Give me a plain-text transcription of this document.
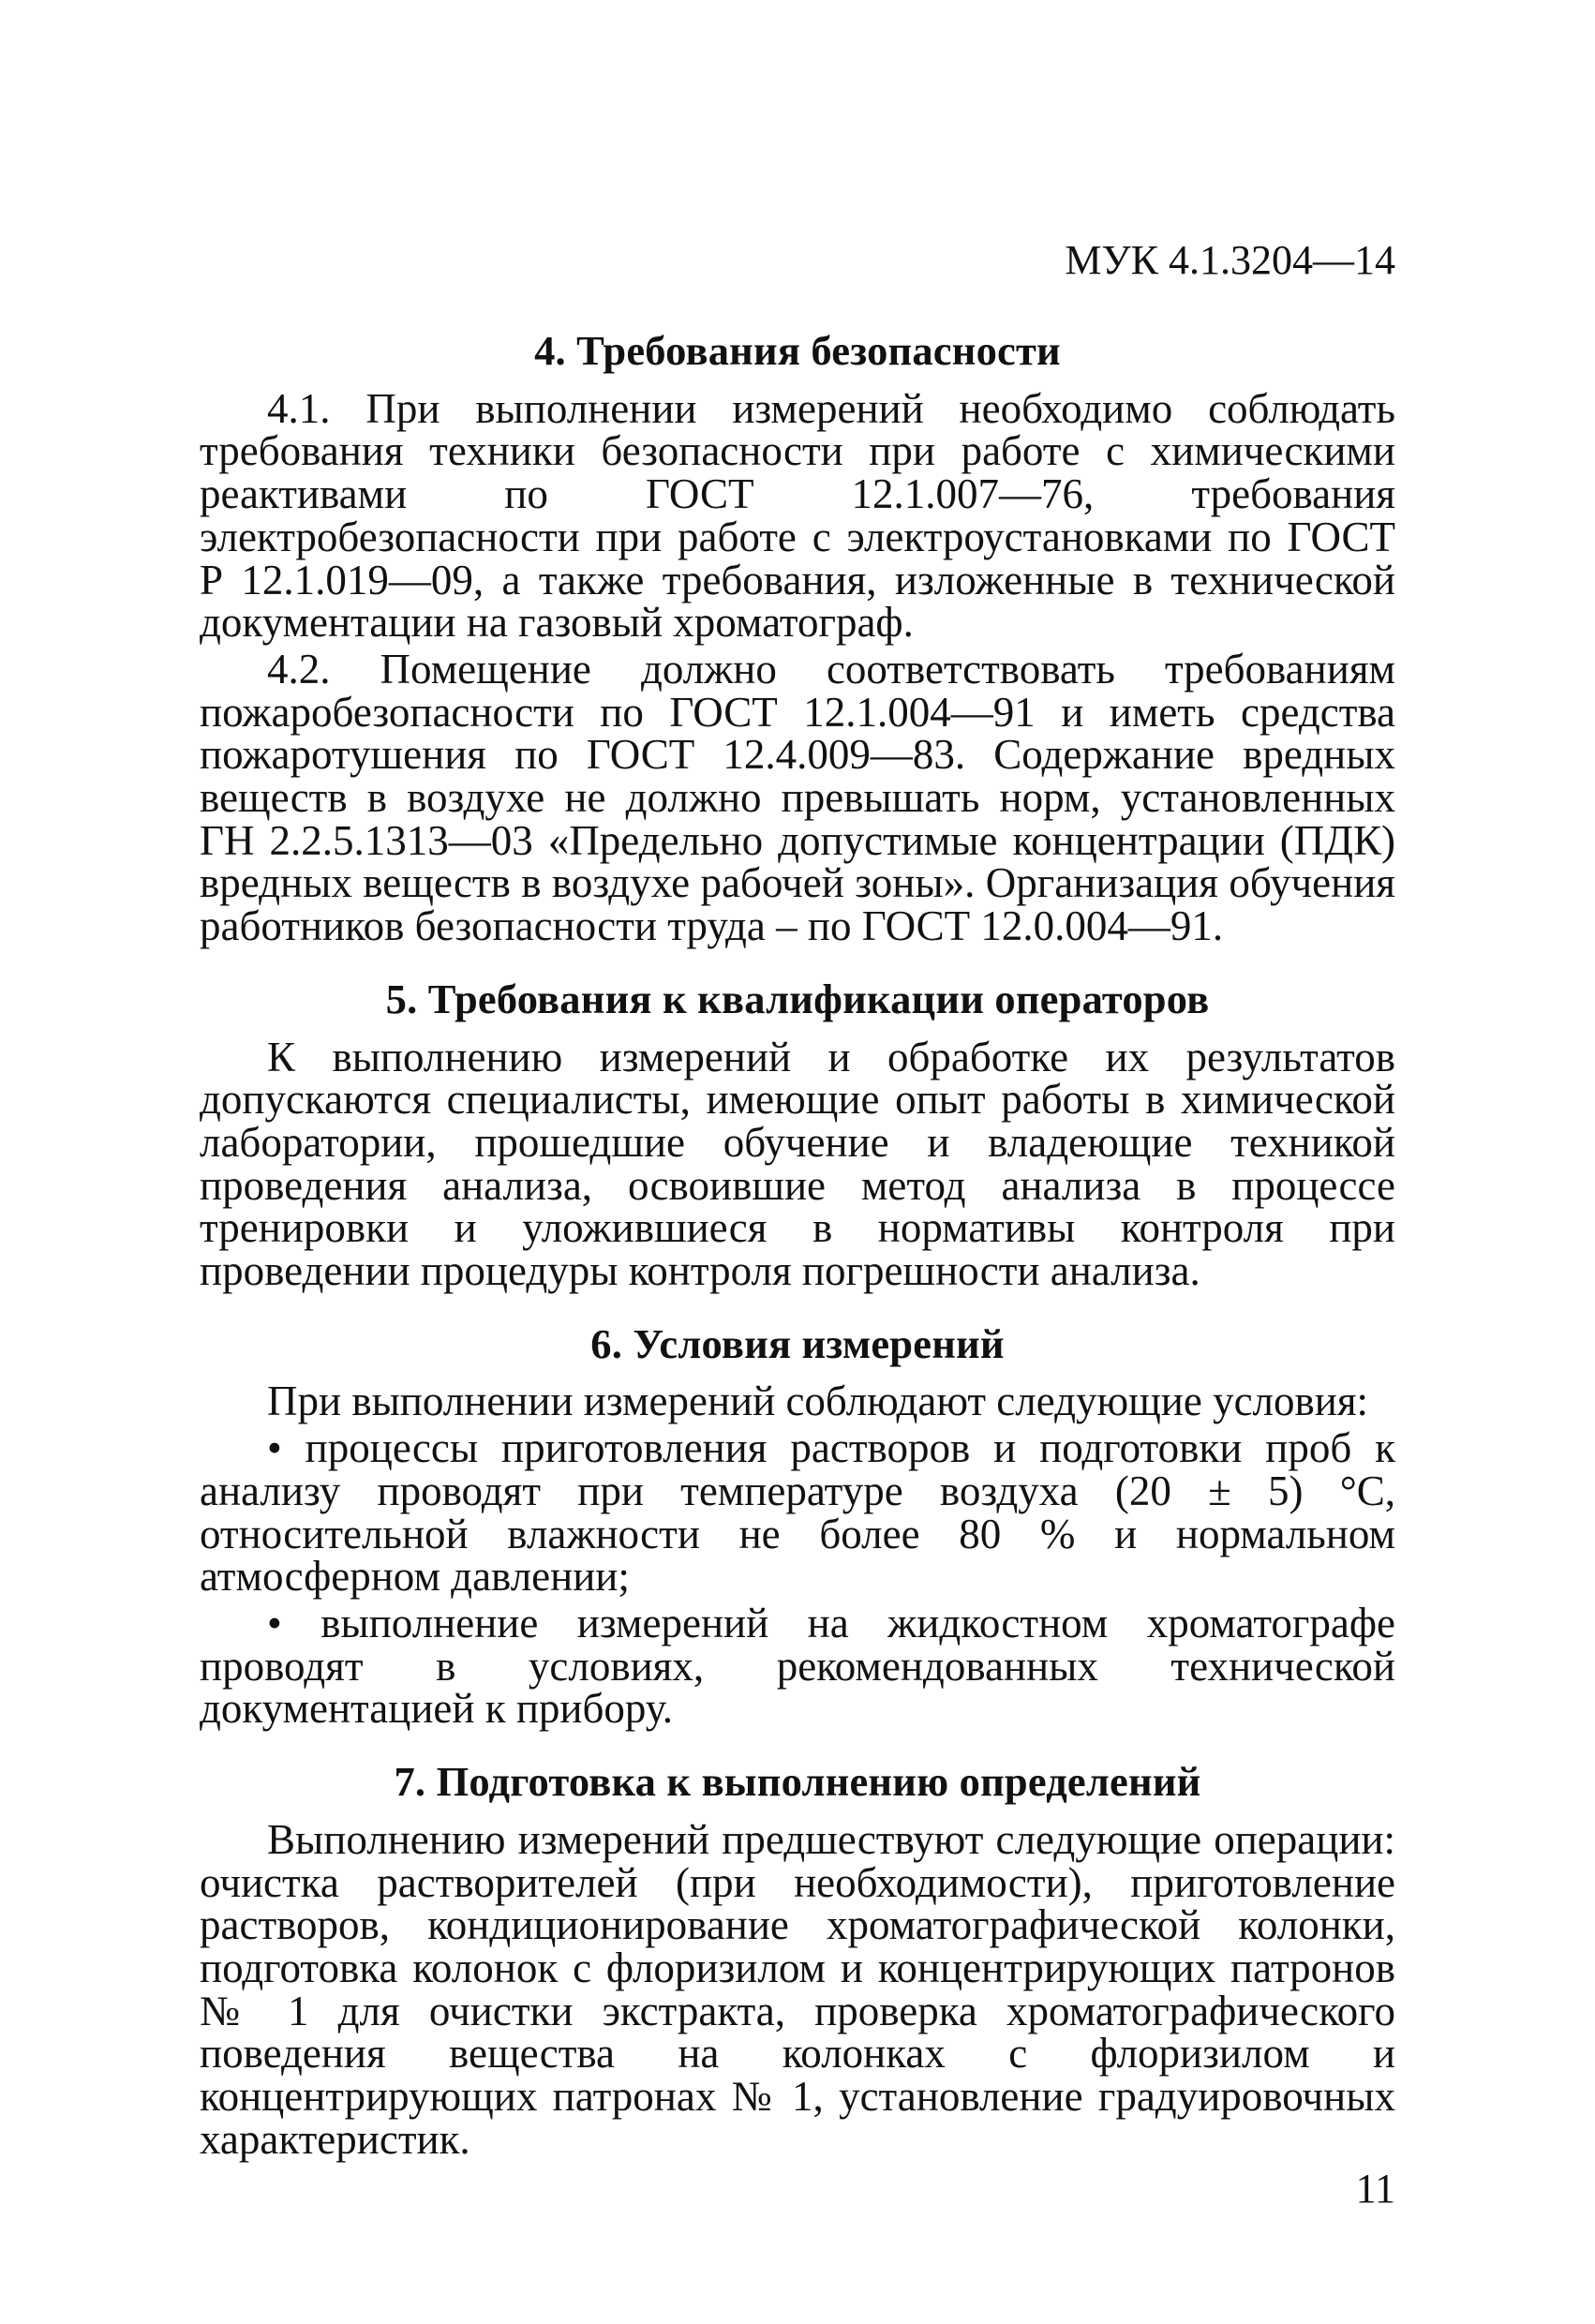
МУК 4.1.3204—14
4. Требования безопасности

4.1. При выполнении измерений необходимо соблюдать требования техники безопасности при работе с химическими реактивами по ГОСТ 12.1.007—76, требования электробезопасности при работе с электроустановками по ГОСТ Р 12.1.019—09, а также требования, изложенные в технической документации на газовый хроматограф.

4.2. Помещение должно соответствовать требованиям пожаробезопасности по ГОСТ 12.1.004—91 и иметь средства пожаротушения по ГОСТ 12.4.009—83. Содержание вредных веществ в воздухе не должно превышать норм, установленных ГН 2.2.5.1313—03 «Предельно допустимые концентрации (ПДК) вредных веществ в воздухе рабочей зоны». Организация обучения работников безопасности труда – по ГОСТ 12.0.004—91.

5. Требования к квалификации операторов

К выполнению измерений и обработке их результатов допускаются специалисты, имеющие опыт работы в химической лаборатории, прошедшие обучение и владеющие техникой проведения анализа, освоившие метод анализа в процессе тренировки и уложившиеся в нормативы контроля при проведении процедуры контроля погрешности анализа.

6. Условия измерений

При выполнении измерений соблюдают следующие условия:

• процессы приготовления растворов и подготовки проб к анализу проводят при температуре воздуха (20 ± 5) °С, относительной влажности не более 80 % и нормальном атмосферном давлении;

• выполнение измерений на жидкостном хроматографе проводят в условиях, рекомендованных технической документацией к прибору.

7. Подготовка к выполнению определений

Выполнению измерений предшествуют следующие операции: очистка растворителей (при необходимости), приготовление растворов, кондиционирование хроматографической колонки, подготовка колонок с флоризилом и концентрирующих патронов № 1 для очистки экстракта, проверка хроматографического поведения вещества на колонках с флоризилом и концентрирующих патронах № 1, установление градуировочных характеристик.

11
